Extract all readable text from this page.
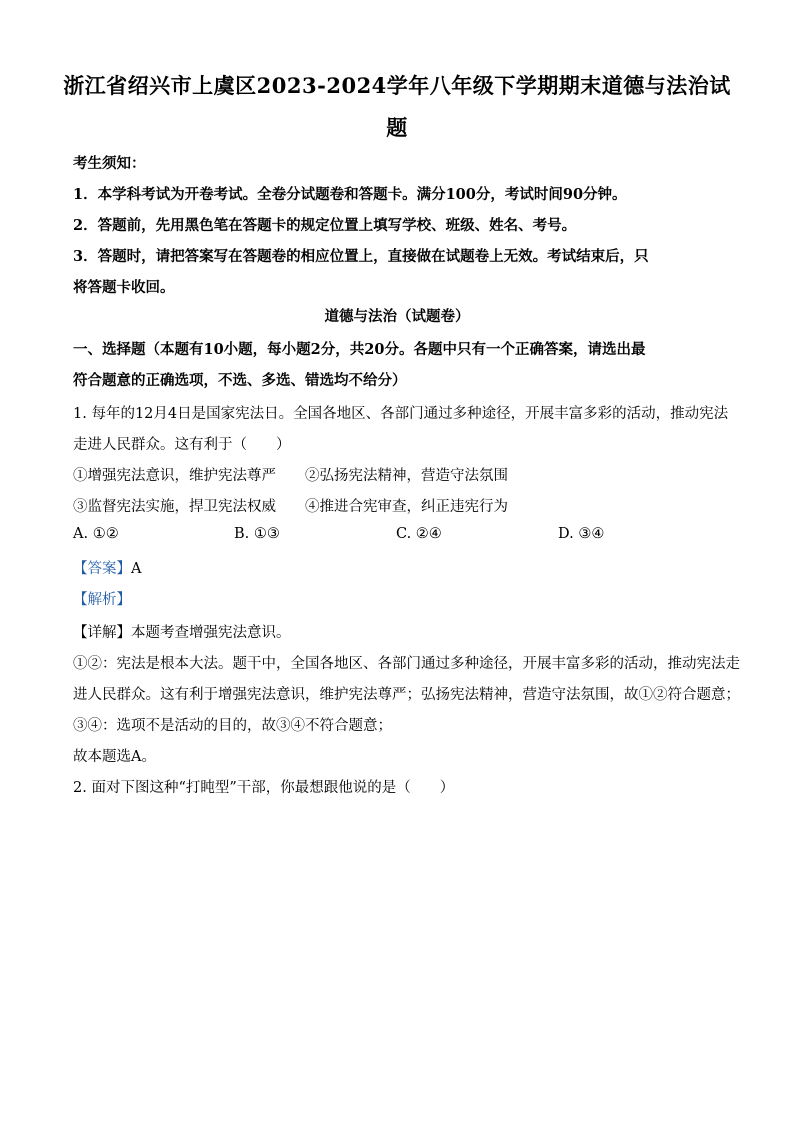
浙江省绍兴市上虞区2023-2024学年八年级下学期期末道德与法治试
题
考生须知：
1．本学科考试为开卷考试。全卷分试题卷和答题卡。满分100分，考试时间90分钟。
2．答题前，先用黑色笔在答题卡的规定位置上填写学校、班级、姓名、考号。
3．答题时，请把答案写在答题卷的相应位置上，直接做在试题卷上无效。考试结束后，只
将答题卡收回。
道德与法治（试题卷）
一、选择题（本题有10小题，每小题2分，共20分。各题中只有一个正确答案，请选出最
符合题意的正确选项，不选、多选、错选均不给分）
1. 每年的12月4日是国家宪法日。全国各地区、各部门通过多种途径，开展丰富多彩的活动，推动宪法
走进人民群众。这有利于（　　）
①增强宪法意识，维护宪法尊严　　②弘扬宪法精神，营造守法氛围
③监督宪法实施，捍卫宪法权威　　④推进合宪审查，纠正违宪行为
A. ①②	B. ①③	C. ②④	D. ③④
【答案】A
【解析】
【详解】本题考查增强宪法意识。
①②：宪法是根本大法。题干中，全国各地区、各部门通过多种途径，开展丰富多彩的活动，推动宪法走
进人民群众。这有利于增强宪法意识，维护宪法尊严；弘扬宪法精神，营造守法氛围，故①②符合题意；
③④：选项不是活动的目的，故③④不符合题意；
故本题选A。
2. 面对下图这种“打盹型”干部，你最想跟他说的是（　　）
